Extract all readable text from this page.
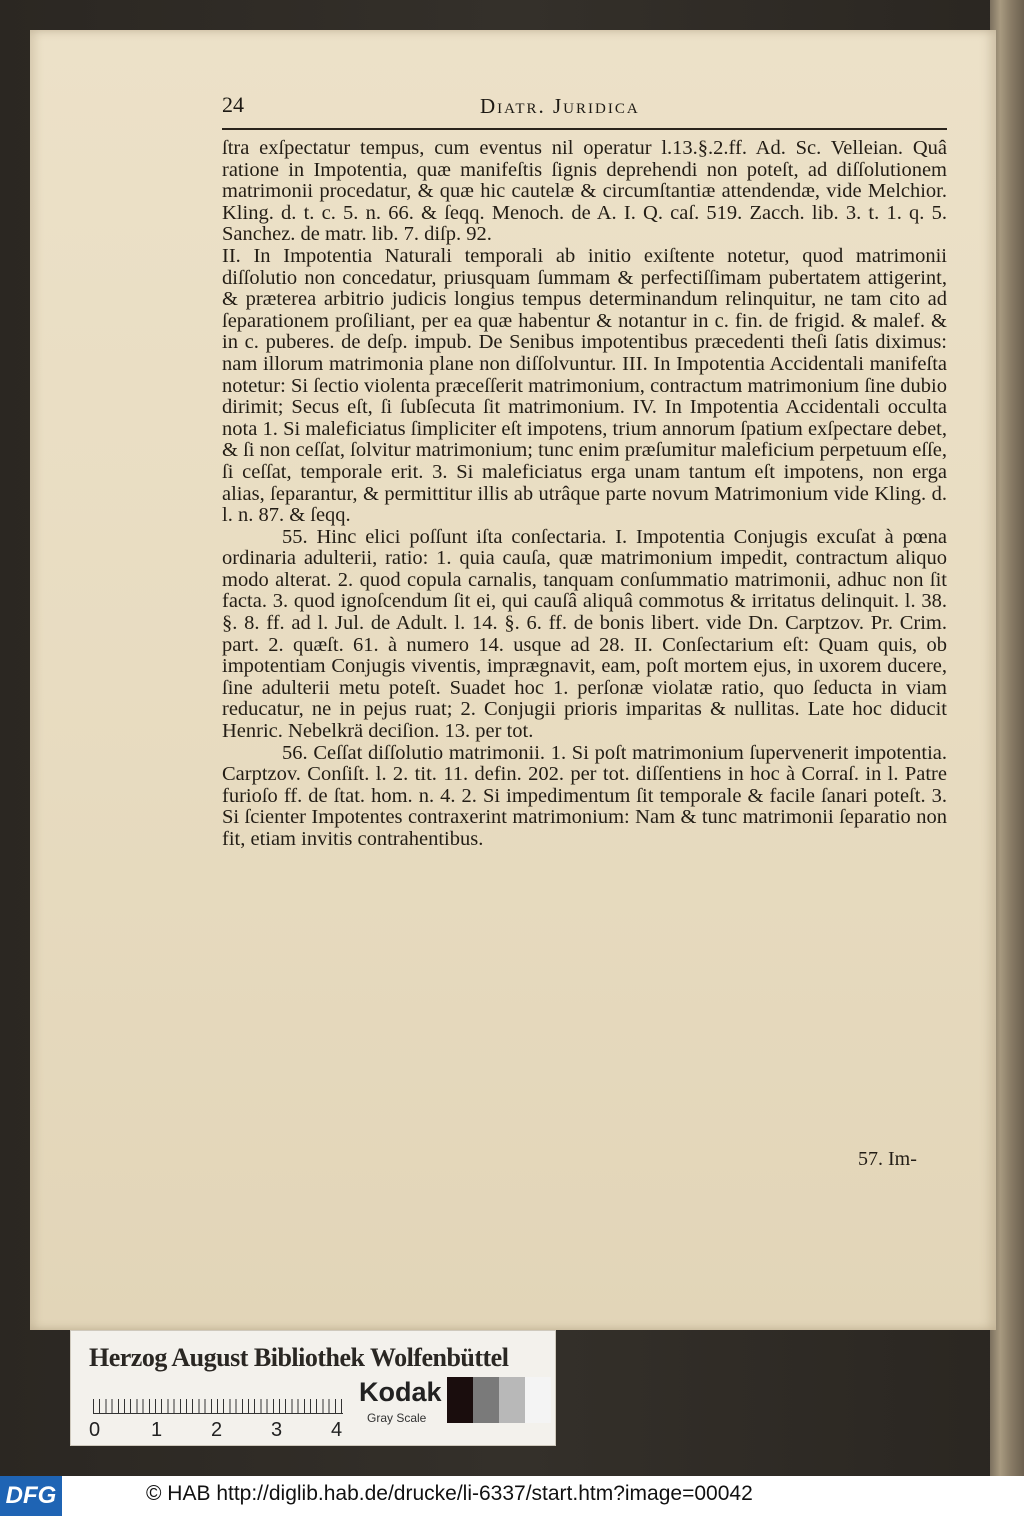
24	Diatr. Juridica

ſtra exſpectatur tempus, cum eventus nil operatur l.13.§.2.ff. Ad. Sc. Velleian. Quâ ratione in Impotentia, quæ manifeſtis ſignis deprehendi non poteſt, ad diſſolutionem matrimonii procedatur, & quæ hic cautelæ & circumſtantiæ attendendæ, vide Melchior. Kling. d. t. c. 5. n. 66. & ſeqq. Menoch. de A. I. Q. caſ. 519. Zacch. lib. 3. t. 1. q. 5. Sanchez. de matr. lib. 7. diſp. 92.

II. In Impotentia Naturali temporali ab initio exiſtente notetur, quod matrimonii diſſolutio non concedatur, priusquam ſummam & perfectiſſimam pubertatem attigerint, & præterea arbitrio judicis longius tempus determinandum relinquitur, ne tam cito ad ſeparationem proſiliant, per ea quæ habentur & notantur in c. fin. de frigid. & malef. & in c. puberes. de deſp. impub. De Senibus impotentibus præcedenti theſi ſatis diximus: nam illorum matrimonia plane non diſſolvuntur. III. In Impotentia Accidentali manifeſta notetur: Si ſectio violenta præceſſerit matrimonium, contractum matrimonium ſine dubio dirimit; Secus eſt, ſi ſubſecuta ſit matrimonium. IV. In Impotentia Accidentali occulta nota 1. Si maleficiatus ſimpliciter eſt impotens, trium annorum ſpatium exſpectare debet, & ſi non ceſſat, ſolvitur matrimonium; tunc enim præſumitur maleficium perpetuum eſſe, ſi ceſſat, temporale erit. 3. Si maleficiatus erga unam tantum eſt impotens, non erga alias, ſeparantur, & permittitur illis ab utrâque parte novum Matrimonium vide Kling. d. l. n. 87. & ſeqq.

55. Hinc elici poſſunt iſta conſectaria. I. Impotentia Conjugis excuſat à pœna ordinaria adulterii, ratio: 1. quia cauſa, quæ matrimonium impedit, contractum aliquo modo alterat. 2. quod copula carnalis, tanquam conſummatio matrimonii, adhuc non ſit facta. 3. quod ignoſcendum ſit ei, qui cauſâ aliquâ commotus & irritatus delinquit. l. 38. §. 8. ff. ad l. Jul. de Adult. l. 14. §. 6. ff. de bonis libert. vide Dn. Carptzov. Pr. Crim. part. 2. quæſt. 61. à numero 14. usque ad 28. II. Conſectarium eſt: Quam quis, ob impotentiam Conjugis viventis, imprægnavit, eam, poſt mortem ejus, in uxorem ducere, ſine adulterii metu poteſt. Suadet hoc 1. perſonæ violatæ ratio, quo ſeducta in viam reducatur, ne in pejus ruat; 2. Conjugii prioris imparitas & nullitas. Late hoc diducit Henric. Nebelkrä deciſion. 13. per tot.

56. Ceſſat diſſolutio matrimonii. 1. Si poſt matrimonium ſupervenerit impotentia. Carptzov. Conſiſt. l. 2. tit. 11. defin. 202. per tot. diſſentiens in hoc à Corraſ. in l. Patre furioſo ff. de ſtat. hom. n. 4. 2. Si impedimentum ſit temporale & facile ſanari poteſt. 3. Si ſcienter Impotentes contraxerint matrimonium: Nam & tunc matrimonii ſeparatio non fit, etiam invitis contrahentibus.

57. Im-
Herzog August Bibliothek Wolfenbüttel
0	1 2 3 4
Kodak
Gray Scale
DFG	© HAB http://diglib.hab.de/drucke/li-6337/start.htm?image=00042
